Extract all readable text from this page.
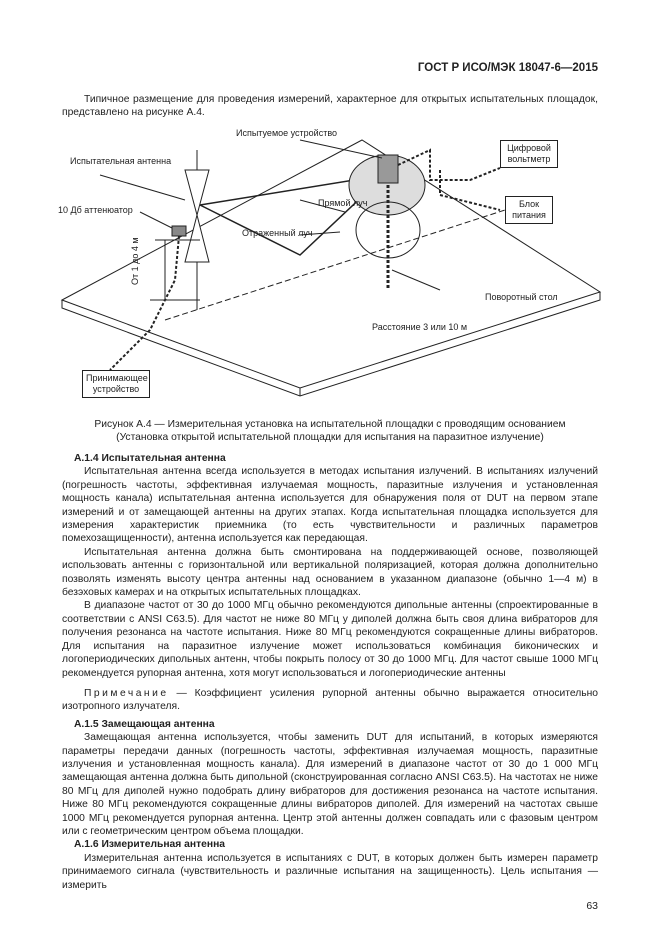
ГОСТ Р ИСО/МЭК 18047-6—2015

Типичное размещение для проведения измерений, характерное для открытых испытательных площадок, представлено на рисунке А.4.

Испытуемое устройство
Испытательная антенна
10 Дб аттенюатор
Прямой луч
Отраженный луч
От 1 до 4 м
Поворотный стол
Расстояние 3 или 10 м
Цифровой вольтметр
Блок питания
Принимающее устройство
Рисунок А.4 — Измерительная установка на испытательной площадки с проводящим основанием
(Установка открытой испытательной площадки для испытания на паразитное излучение)

А.1.4 Испытательная антенна

Испытательная антенна всегда используется в методах испытания излучений. В испытаниях излучений (погрешность частоты, эффективная излучаемая мощность, паразитные излучения и установленная мощность канала) испытательная антенна используется для обнаружения поля от DUT на первом этапе измерений и от замещающей антенны на других этапах. Когда испытательная площадка используется для измерения характеристик приемника (то есть чувствительности и различных параметров помехозащищенности), антенна используется как передающая.

Испытательная антенна должна быть смонтирована на поддерживающей основе, позволяющей использовать антенны с горизонтальной или вертикальной поляризацией, которая должна дополнительно позволять изменять высоту центра антенны над основанием в указанном диапазоне (обычно 1—4 м) в безэховых камерах и на открытых испытательных площадках.

В диапазоне частот от 30 до 1000 МГц обычно рекомендуются дипольные антенны (спроектированные в соответствии с ANSI C63.5). Для частот не ниже 80 МГц у диполей должна быть своя длина вибраторов для получения резонанса на частоте испытания. Ниже 80 МГц рекомендуются сокращенные длины вибраторов. Для испытания на паразитное излучение может использоваться комбинация биконических и логопериодических дипольных антенн, чтобы покрыть полосу от 30 до 1000 МГц. Для частот свыше 1000 МГц рекомендуется рупорная антенна, хотя могут использоваться и логопериодические антенны

Примечание — Коэффициент усиления рупорной антенны обычно выражается относительно изотропного излучателя.

А.1.5 Замещающая антенна

Замещающая антенна используется, чтобы заменить DUT для испытаний, в которых измеряются параметры передачи данных (погрешность частоты, эффективная излучаемая мощность, паразитные излучения и установленная мощность канала). Для измерений в диапазоне частот от 30 до 1 000 МГц замещающая антенна должна быть дипольной (сконструированная согласно ANSI C63.5). На частотах не ниже 80 МГц для диполей нужно подобрать длину вибраторов для достижения резонанса на частоте испытания. Ниже 80 МГц рекомендуются сокращенные длины вибраторов диполей. Для измерений на частотах свыше 1000 МГц рекомендуется рупорная антенна. Центр этой антенны должен совпадать или с фазовым центром или с геометрическим центром объема площадки.

А.1.6 Измерительная антенна

Измерительная антенна используется в испытаниях с DUT, в которых должен быть измерен параметр принимаемого сигнала (чувствительность и различные испытания на защищенность). Цель испытания — измерить

63
